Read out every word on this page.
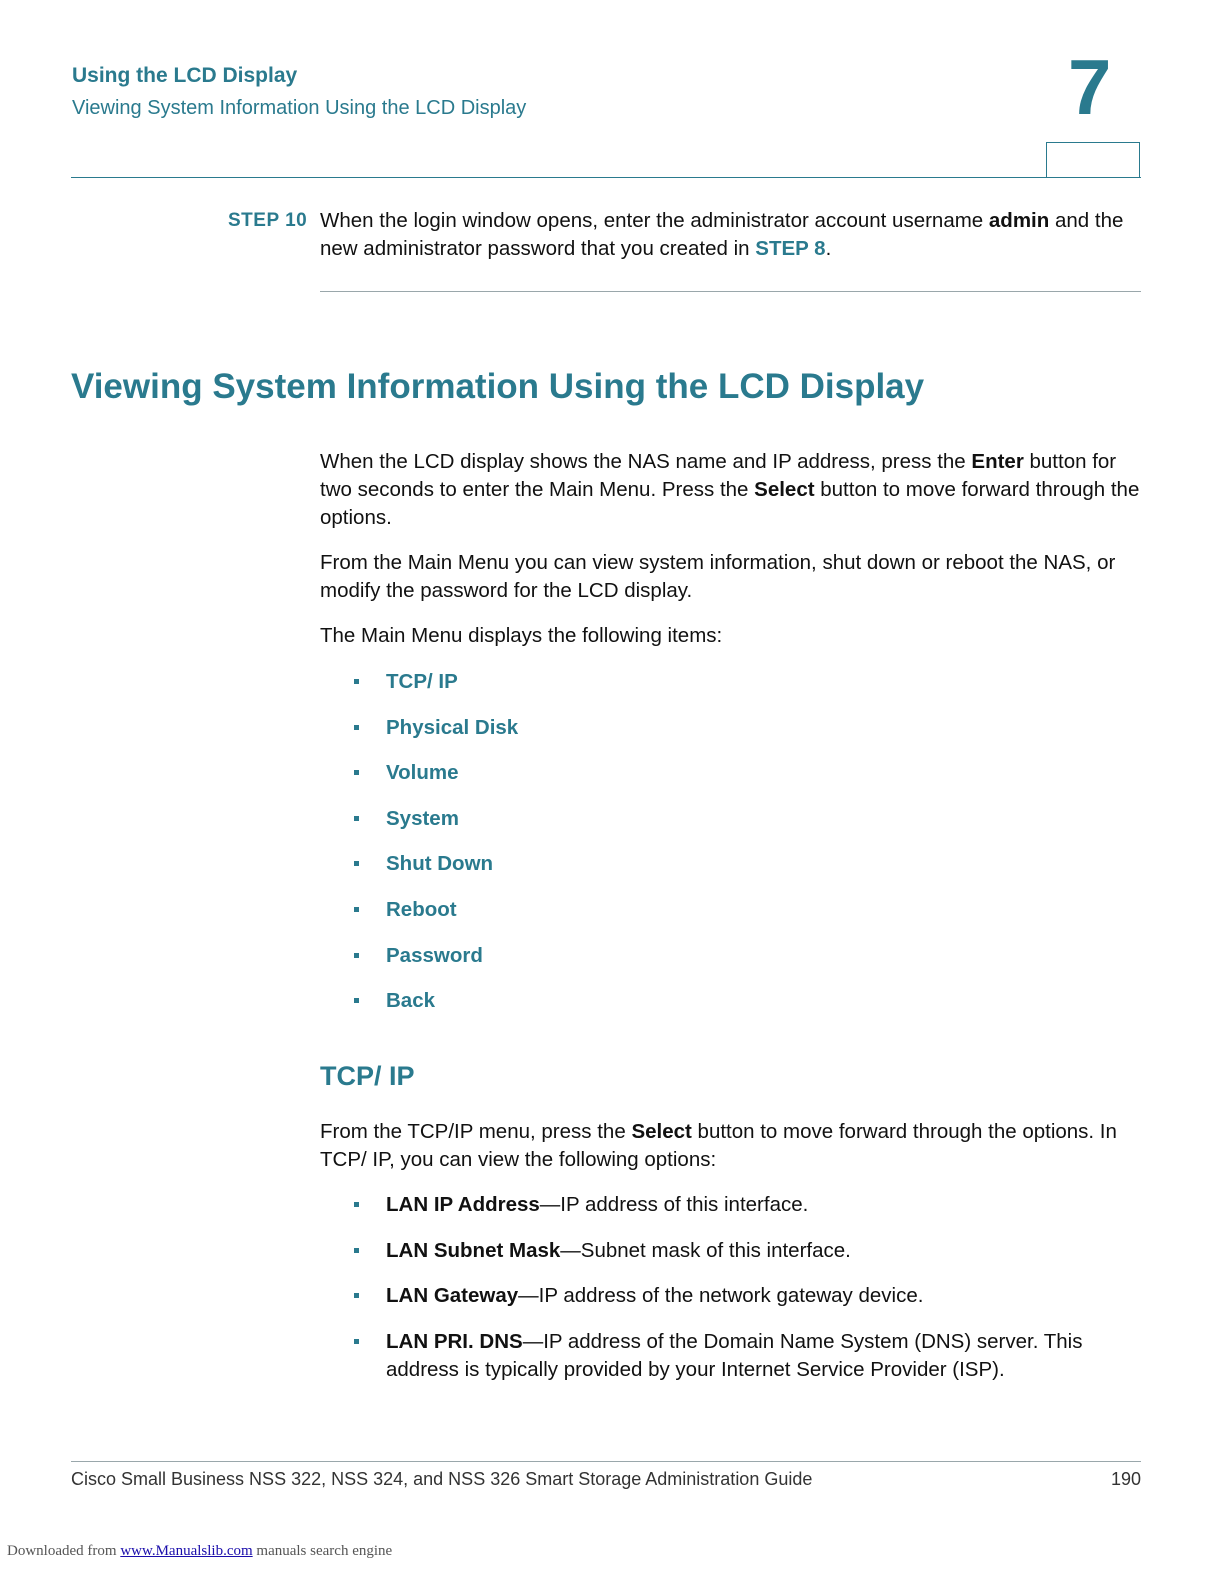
Using the LCD Display
Viewing System Information Using the LCD Display	7
STEP 10 When the login window opens, enter the administrator account username admin and the new administrator password that you created in STEP 8.
Viewing System Information Using the LCD Display
When the LCD display shows the NAS name and IP address, press the Enter button for two seconds to enter the Main Menu. Press the Select button to move forward through the options.
From the Main Menu you can view system information, shut down or reboot the NAS, or modify the password for the LCD display.
The Main Menu displays the following items:
TCP/ IP
Physical Disk
Volume
System
Shut Down
Reboot
Password
Back
TCP/ IP
From the TCP/IP menu, press the Select button to move forward through the options. In TCP/ IP, you can view the following options:
LAN IP Address—IP address of this interface.
LAN Subnet Mask—Subnet mask of this interface.
LAN Gateway—IP address of the network gateway device.
LAN PRI. DNS—IP address of the Domain Name System (DNS) server. This address is typically provided by your Internet Service Provider (ISP).
Cisco Small Business NSS 322, NSS 324, and NSS 326 Smart Storage Administration Guide	190
Downloaded from www.Manualslib.com manuals search engine
